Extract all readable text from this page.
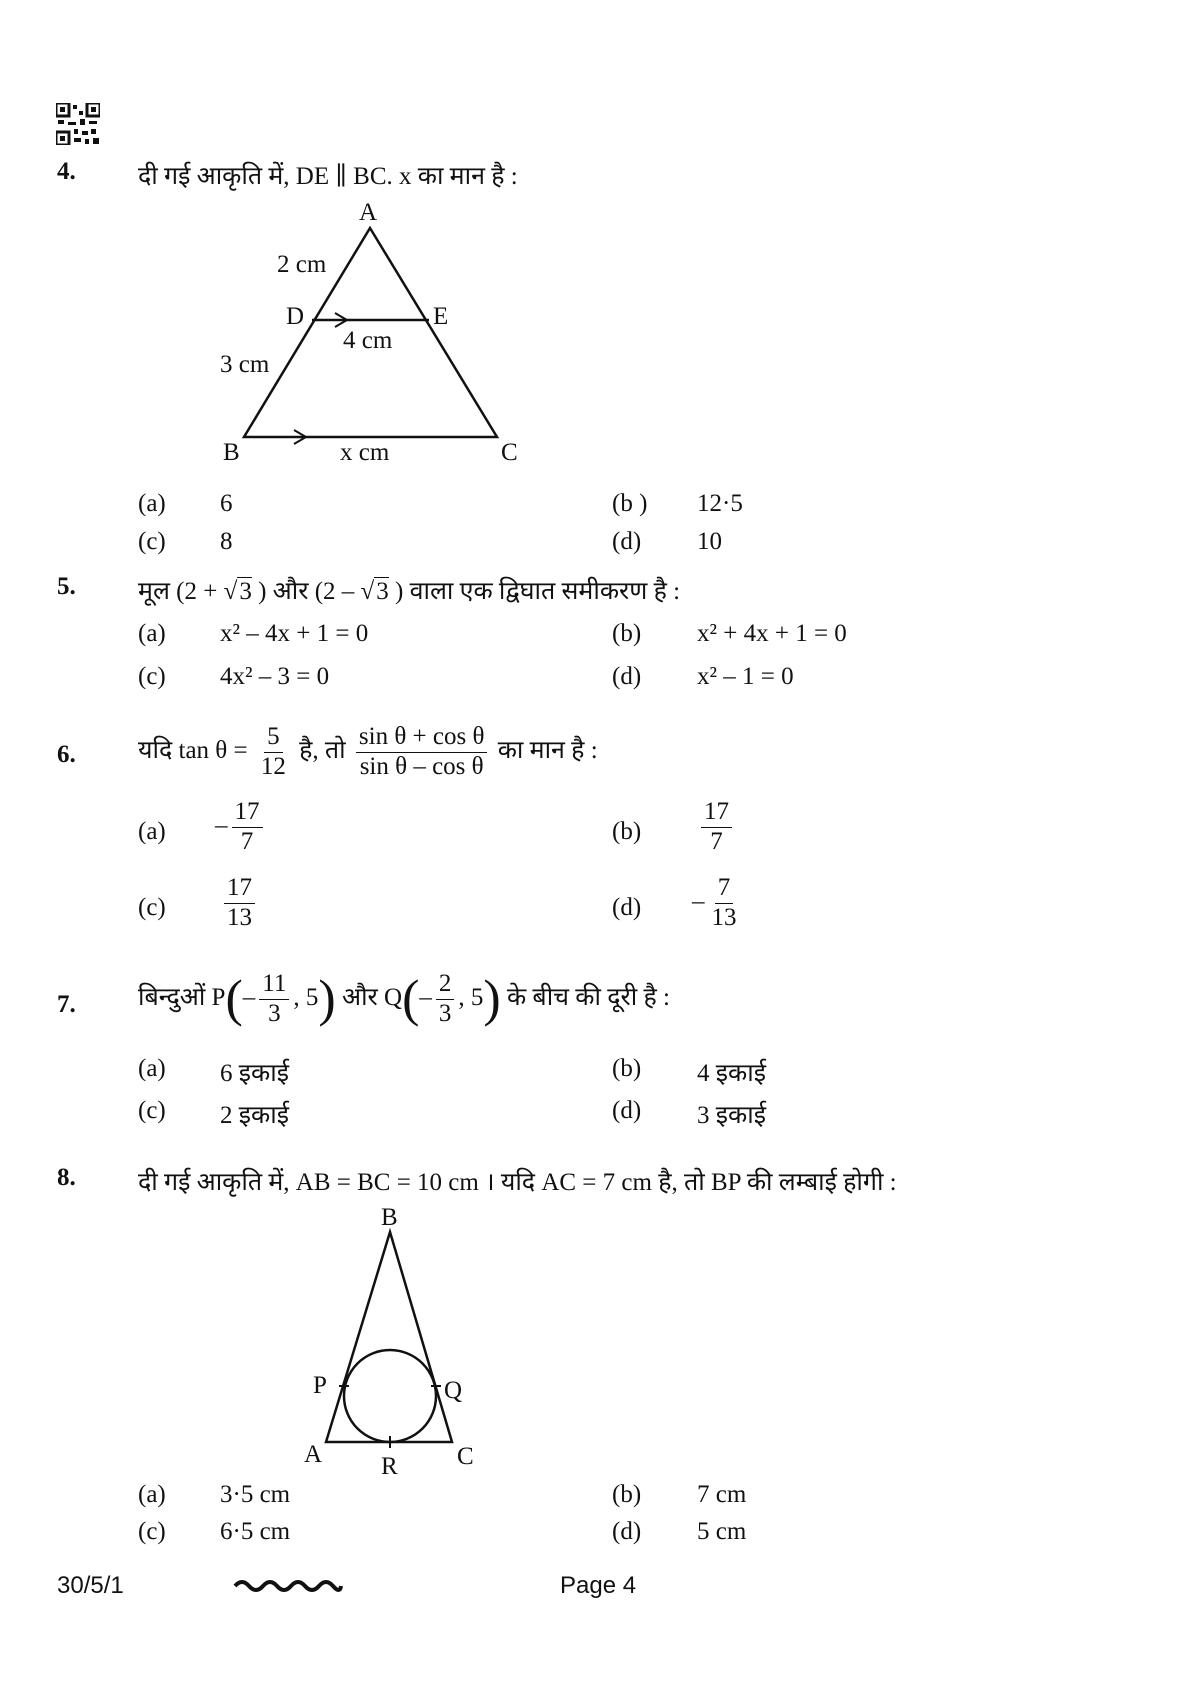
4. दी गई आकृति में, DE ∥ BC. x का मान है :
A
B	C
D	E
2 cm
4 cm
3 cm
x cm
(a) 6	(b ) 12·5
(c) 8	(d) 10
5. मूल (2 + √3 ) और (2 – √3 ) वाला एक द्विघात समीकरण है :
(a) x² – 4x + 1 = 0	(b) x² + 4x + 1 = 0
(c) 4x² – 3 = 0	(d) x² – 1 = 0
6. यदि $\tan \theta = \frac{5}{12}$ है, तो $\frac{\text{sin θ + cos θ}}{\text{sin θ – cos θ}}$ का मान है :
$(a) - \frac{17}{7}$	$(b) \frac{17}{7}$
$(c) \frac{17}{13}$	$(d) - \frac{7}{13}$
7. बिन्दुओं $P(- \frac{11}{3}$ , 5) और $Q(- \frac{2}{3}$ , 5) के बीच की दूरी है :
(a) 6 इकाई	(b) 4 इकाई
(c) 2 इकाई	(d) 3 इकाई
8. दी गई आकृति में, AB = BC = 10 cm । यदि AC = 7 cm है, तो BP की लम्बाई होगी :
B
A	C
P	Q
R
(a) 3·5 cm	(b) 7 cm
(c) 6·5 cm	(d) 5 cm
30/5/1	Page 4
